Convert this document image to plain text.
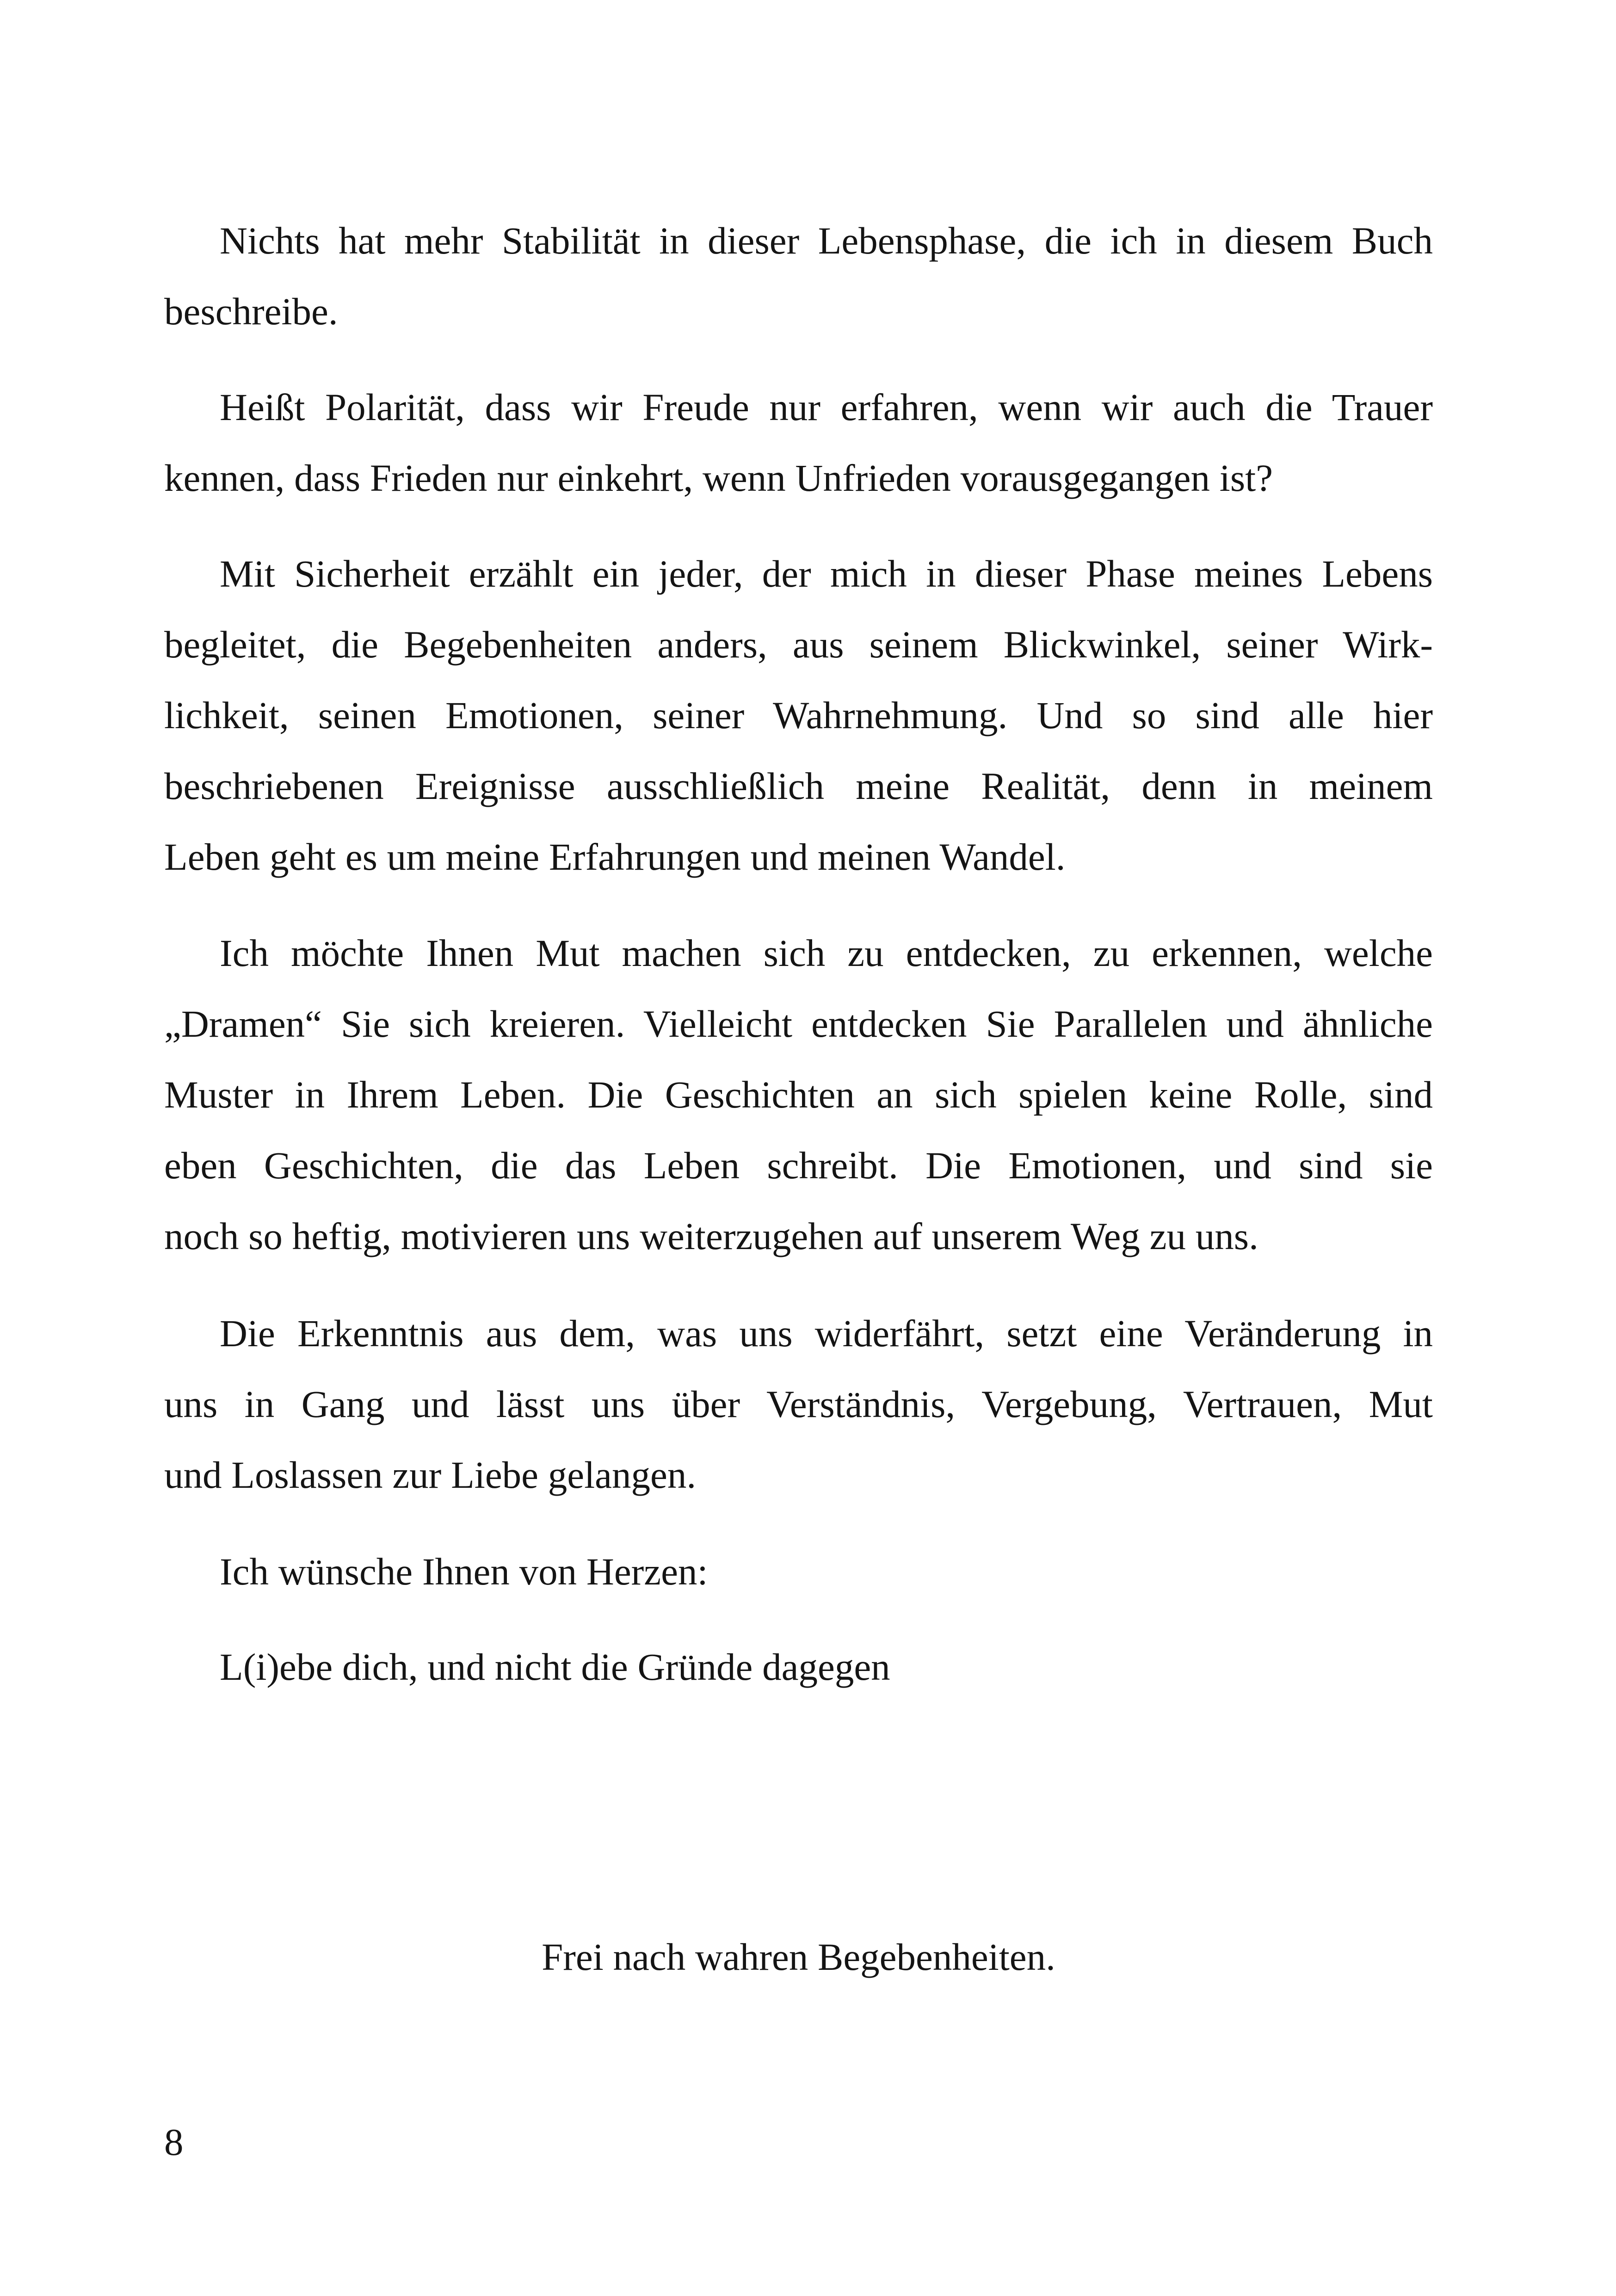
Nichts hat mehr Stabilität in dieser Lebensphase, die ich in diesem Buch
beschreibe.
Heißt Polarität, dass wir Freude nur erfahren, wenn wir auch die Trauer
kennen, dass Frieden nur einkehrt, wenn Unfrieden vorausgegangen ist?
Mit Sicherheit erzählt ein jeder, der mich in dieser Phase meines Lebens
begleitet, die Begebenheiten anders, aus seinem Blickwinkel, seiner Wirk-
lichkeit, seinen Emotionen, seiner Wahrnehmung. Und so sind alle hier
beschriebenen Ereignisse ausschließlich meine Realität, denn in meinem
Leben geht es um meine Erfahrungen und meinen Wandel.
Ich möchte Ihnen Mut machen sich zu entdecken, zu erkennen, welche
„Dramen“ Sie sich kreieren. Vielleicht entdecken Sie Parallelen und ähnliche
Muster in Ihrem Leben. Die Geschichten an sich spielen keine Rolle, sind
eben Geschichten, die das Leben schreibt. Die Emotionen, und sind sie
noch so heftig, motivieren uns weiterzugehen auf unserem Weg zu uns.
Die Erkenntnis aus dem, was uns widerfährt, setzt eine Veränderung in
uns in Gang und lässt uns über Verständnis, Vergebung, Vertrauen, Mut
und Loslassen zur Liebe gelangen.
Ich wünsche Ihnen von Herzen:
L(i)ebe dich, und nicht die Gründe dagegen
Frei nach wahren Begebenheiten.
8
